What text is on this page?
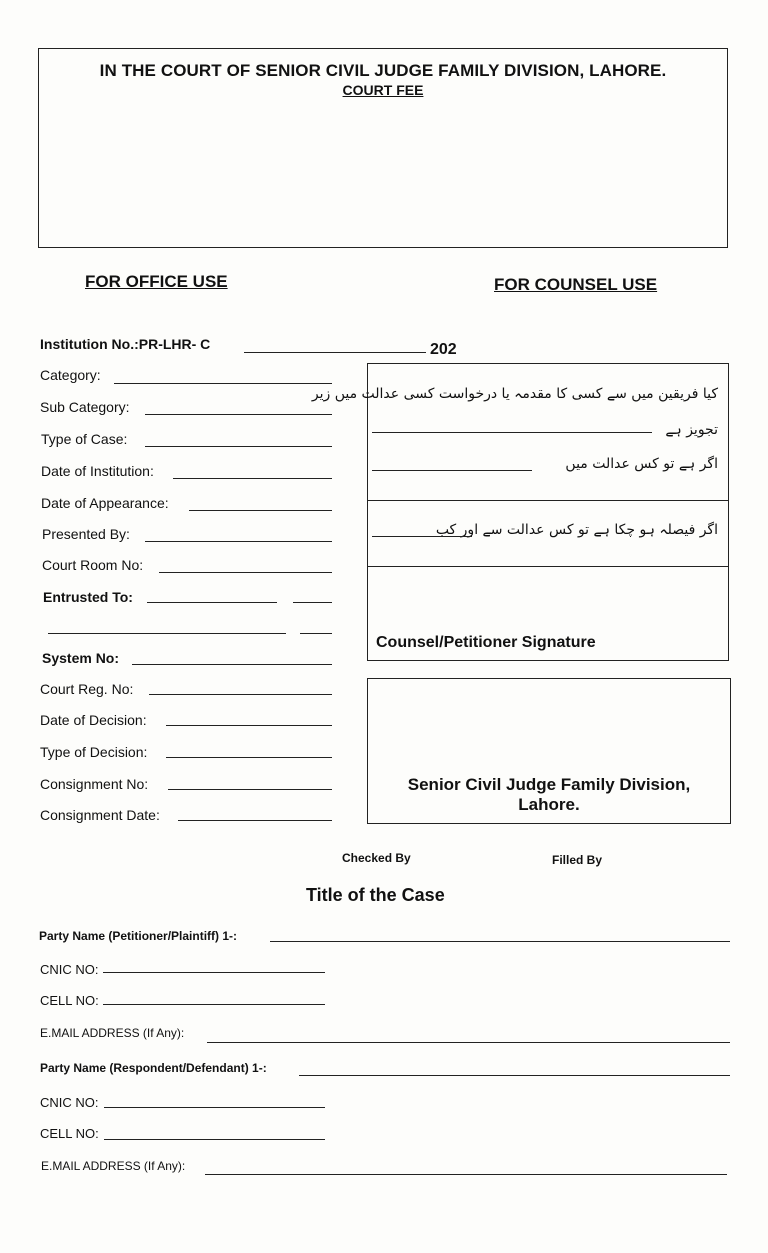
IN THE COURT OF SENIOR CIVIL JUDGE FAMILY DIVISION, LAHORE.
COURT FEE
FOR OFFICE USE	FOR COUNSEL USE
Institution No.:PR-LHR- C	202
Category:
Sub Category:
Type of Case:
Date of Institution:
Date of Appearance:
Presented By:
Court Room No:
Entrusted To:
System No:
Court Reg. No:
Date of Decision:
Type of Decision:
Consignment No:
Consignment Date:
کیا فریقین میں سے کسی کا مقدمہ یا درخواست کسی عدالت میں زیر
تجویز ہے
اگر ہے تو کس عدالت میں
اگر فیصلہ ہو چکا ہے تو کس عدالت سے اور کب
Counsel/Petitioner Signature
Senior Civil Judge Family Division,
Lahore.
Checked By	Filled By
Title of the Case
Party Name (Petitioner/Plaintiff) 1-:
CNIC NO:
CELL NO:
E.MAIL ADDRESS (If Any):
Party Name (Respondent/Defendant) 1-:
CNIC NO:
CELL NO:
E.MAIL ADDRESS (If Any):
